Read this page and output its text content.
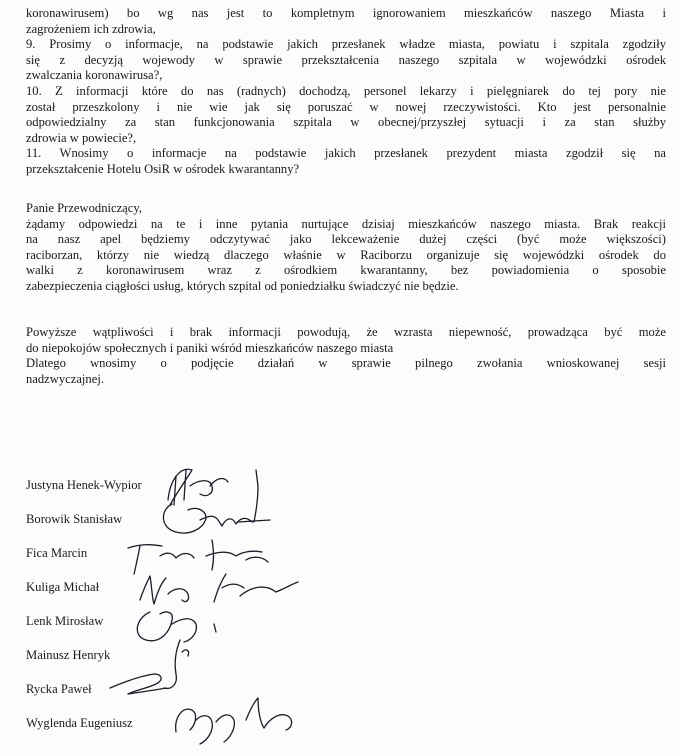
koronawirusem) bo wg nas jest to kompletnym ignorowaniem mieszkańców naszego Miasta i
zagrożeniem ich zdrowia,
9. Prosimy o informacje, na podstawie jakich przesłanek władze miasta, powiatu i szpitala zgodziły
się z decyzją wojewody w sprawie przekształcenia naszego szpitala w wojewódzki ośrodek
zwalczania koronawirusa?,
10. Z informacji które do nas (radnych) dochodzą, personel lekarzy i pielęgniarek do tej pory nie
został przeszkolony i nie wie jak się poruszać w nowej rzeczywistości. Kto jest personalnie
odpowiedzialny za stan funkcjonowania szpitala w obecnej/przyszłej sytuacji i za stan służby
zdrowia w powiecie?,
11. Wnosimy o informacje na podstawie jakich przesłanek prezydent miasta zgodził się na
przekształcenie Hotelu OsiR w ośrodek kwarantanny?
Panie Przewodniczący,
żądamy odpowiedzi na te i inne pytania nurtujące dzisiaj mieszkańców naszego miasta. Brak reakcji
na nasz apel będziemy odczytywać jako lekceważenie dużej części (być może większości)
raciborzan, którzy nie wiedzą dlaczego właśnie w Raciborzu organizuje się wojewódzki ośrodek do
walki z koronawirusem wraz z ośrodkiem kwarantanny, bez powiadomienia o sposobie
zabezpieczenia ciągłości usług, których szpital od poniedziałku świadczyć nie będzie.
Powyższe wątpliwości i brak informacji powodują, że wzrasta niepewność, prowadząca być może
do niepokojów społecznych i paniki wśród mieszkańców naszego miasta
Dlatego wnosimy o podjęcie działań w sprawie pilnego zwołania wnioskowanej sesji
nadzwyczajnej.
Justyna Henek-Wypior
Borowik Stanisław
Fica Marcin
Kuliga Michał
Lenk Mirosław
Mainusz Henryk
Rycka Paweł
Wyglenda Eugeniusz
